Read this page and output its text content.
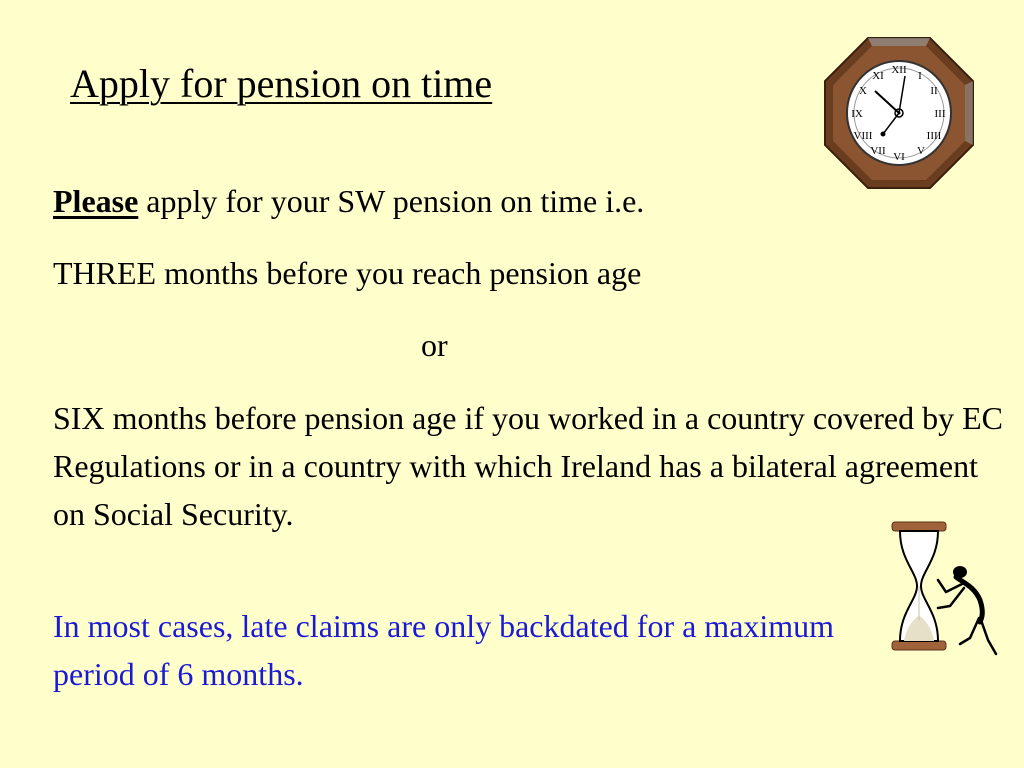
Apply for pension on time

Please apply for your SW pension on time i.e.

THREE months before you reach pension age

or

SIX months before pension age if you worked in a country covered by EC Regulations or in a country with which Ireland has a bilateral agreement on Social Security.

In most cases, late claims are only backdated for a maximum period of 6 months.

XII I
II
III
IIII
V
VI
VII
VIII
IX
X
XI
